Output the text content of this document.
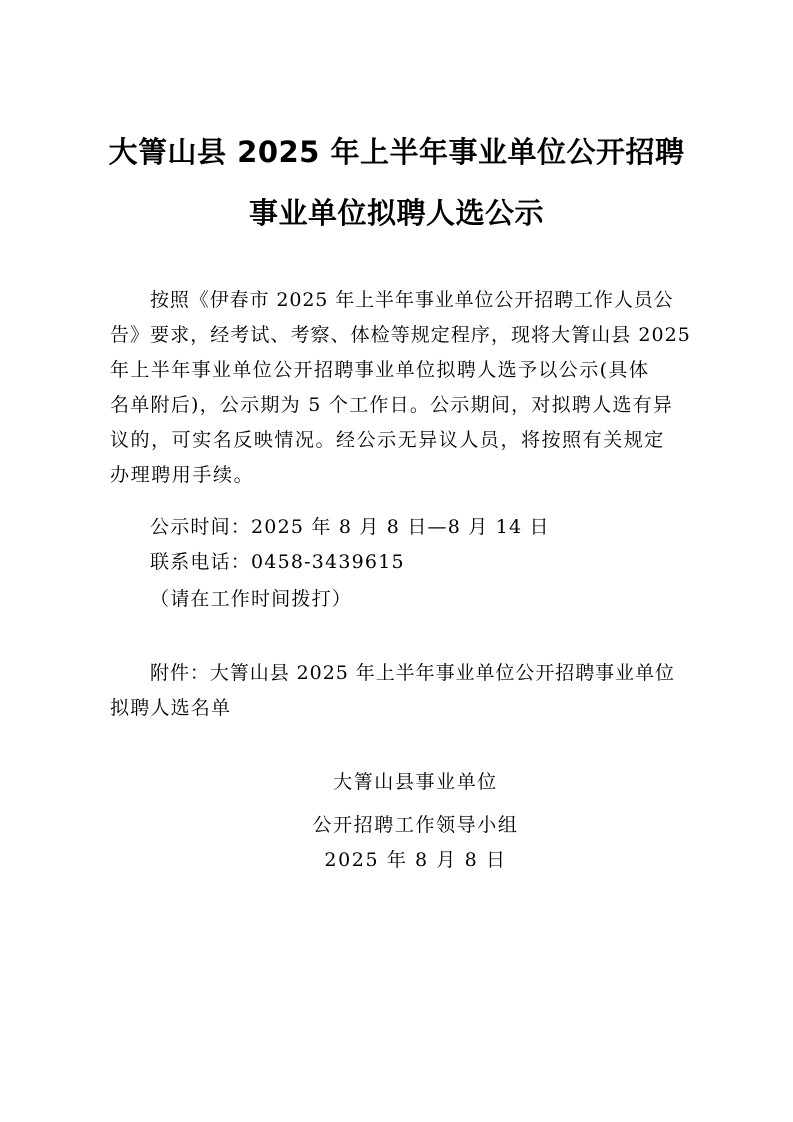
大箐山县 2025 年上半年事业单位公开招聘
事业单位拟聘人选公示
按照《伊春市 2025 年上半年事业单位公开招聘工作人员公
告》要求，经考试、考察、体检等规定程序，现将大箐山县 2025
年上半年事业单位公开招聘事业单位拟聘人选予以公示(具体
名单附后)，公示期为 5 个工作日。公示期间，对拟聘人选有异
议的，可实名反映情况。经公示无异议人员，将按照有关规定
办理聘用手续。
公示时间：2025 年 8 月 8 日—8 月 14 日
联系电话：0458-3439615
（请在工作时间拨打）
附件：大箐山县 2025 年上半年事业单位公开招聘事业单位
拟聘人选名单
大箐山县事业单位
公开招聘工作领导小组
2025 年 8 月 8 日
